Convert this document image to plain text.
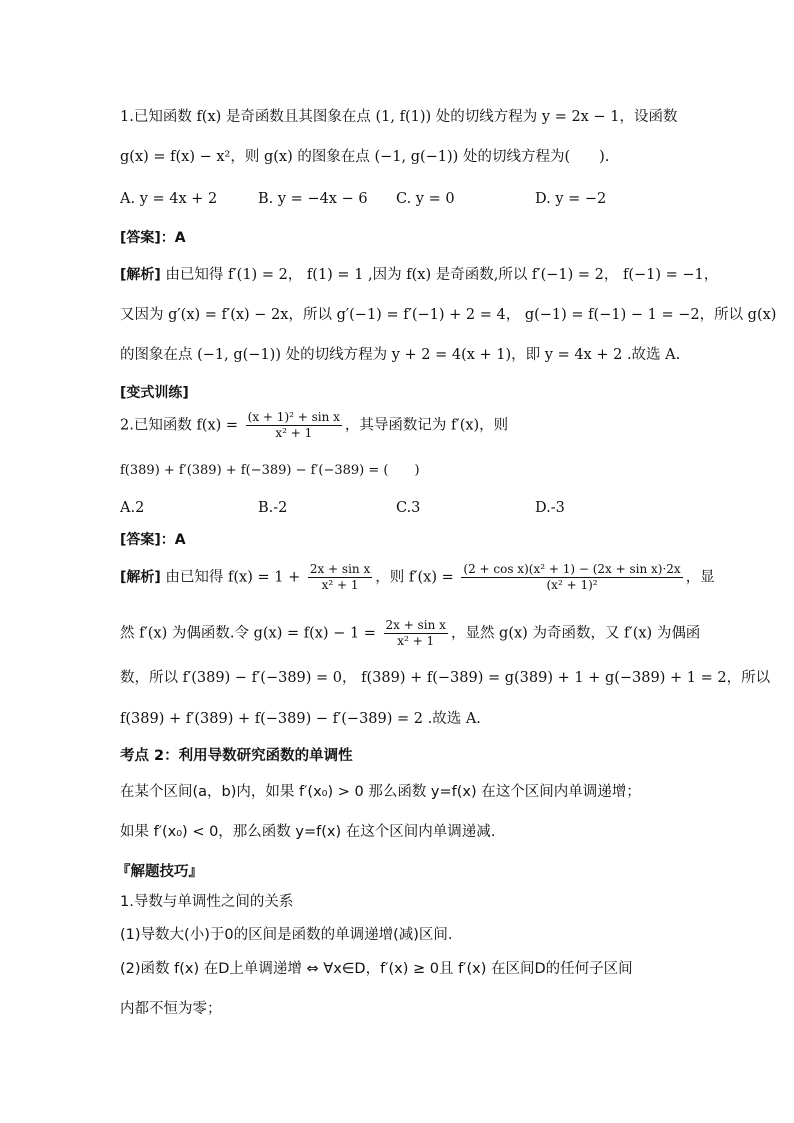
1.已知函数 f(x) 是奇函数且其图象在点 (1, f(1)) 处的切线方程为 y = 2x − 1，设函数
g(x) = f(x) − x²，则 g(x) 的图象在点 (−1, g(−1)) 处的切线方程为(　　).
A. y = 4x + 2	B. y = −4x − 6 C. y = 0	D. y = −2
[答案]：A
[解析] 由已知得 f′(1) = 2， f(1) = 1 ,因为 f(x) 是奇函数,所以 f′(−1) = 2， f(−1) = −1，
又因为 g′(x) = f′(x) − 2x，所以 g′(−1) = f′(−1) + 2 = 4， g(−1) = f(−1) − 1 = −2，所以 g(x)
的图象在点 (−1, g(−1)) 处的切线方程为 y + 2 = 4(x + 1)，即 y = 4x + 2 .故选 A.
[变式训练]
2.已知函数 $f(x) = \frac{\text{(x + 1)² + sin x}}{\text{x² + 1}}$ ，其导函数记为 f′(x)，则
f(389) + f′(389) + f(−389) − f′(−389) = (　　)
A.2	B.-2	C.3	D.-3
[答案]：A
[解析] 由已知得 $f(x) = 1 + \frac{\text{2x + sin x}}{\text{x² + 1}}$ ，则 $f'(x) = \frac{\text{(2 + cos x)(x² + 1) − (2x + sin x)·2x}}{\text{(x² + 1)²}}$ ，显
然 f′(x) 为偶函数.令 $g(x) = f(x) - 1 = \frac{\text{2x + sin x}}{\text{x² + 1}}$ ，显然 g(x) 为奇函数，又 f′(x) 为偶函
数，所以 f′(389) − f′(−389) = 0， f(389) + f(−389) = g(389) + 1 + g(−389) + 1 = 2，所以
f(389) + f′(389) + f(−389) − f′(−389) = 2 .故选 A.
考点 2：利用导数研究函数的单调性
在某个区间(a，b)内，如果 f′(x₀) > 0 那么函数 y=f(x) 在这个区间内单调递增；
如果 f′(x₀) < 0，那么函数 y=f(x) 在这个区间内单调递减.
『解题技巧』
1.导数与单调性之间的关系
(1)导数大(小)于0的区间是函数的单调递增(减)区间.
(2)函数 f(x) 在D上单调递增 ⇔ ∀x∈D，f′(x) ≥ 0且 f′(x) 在区间D的任何子区间
内都不恒为零；
